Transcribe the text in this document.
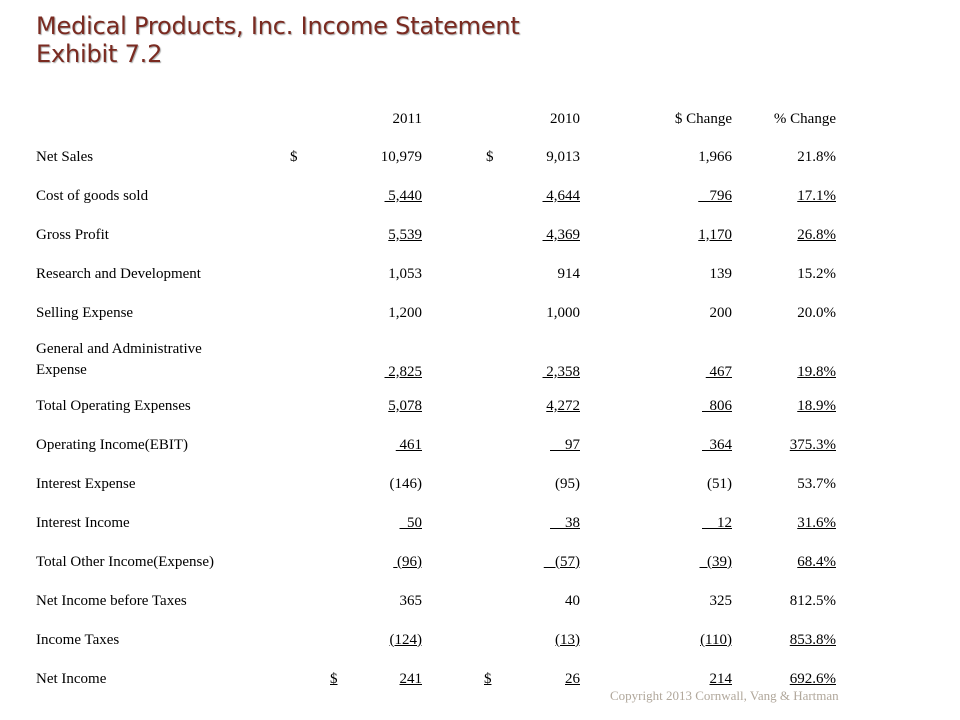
Medical Products, Inc. Income Statement
Exhibit 7.2
	2011	2010	$ Change	% Change
Net Sales	$ 10,979	$ 9,013	1,966	21.8%
Cost of goods sold	5,440	4,644	796	17.1%
Gross Profit	5,539	4,369	1,170	26.8%
Research and Development	1,053	914	139	15.2%
Selling Expense	1,200	1,000	200	20.0%

General and Administrative Expense	2,825	2,358	467	19.8%
Total Operating Expenses	5,078	4,272	806	18.9%
Operating Income(EBIT)	461	97	364	375.3%
Interest Expense	(146)	(95)	(51)	53.7%
Interest Income	50	38	12	31.6%
Total Other Income(Expense)	(96)	(57)	(39)	68.4%
Net Income before Taxes	365	40	325	812.5%
Income Taxes	(124)	(13)	(110)	853.8%
Net Income	$ 241	$ 26	214	692.6%
Copyright 2013 Cornwall, Vang & Hartman
